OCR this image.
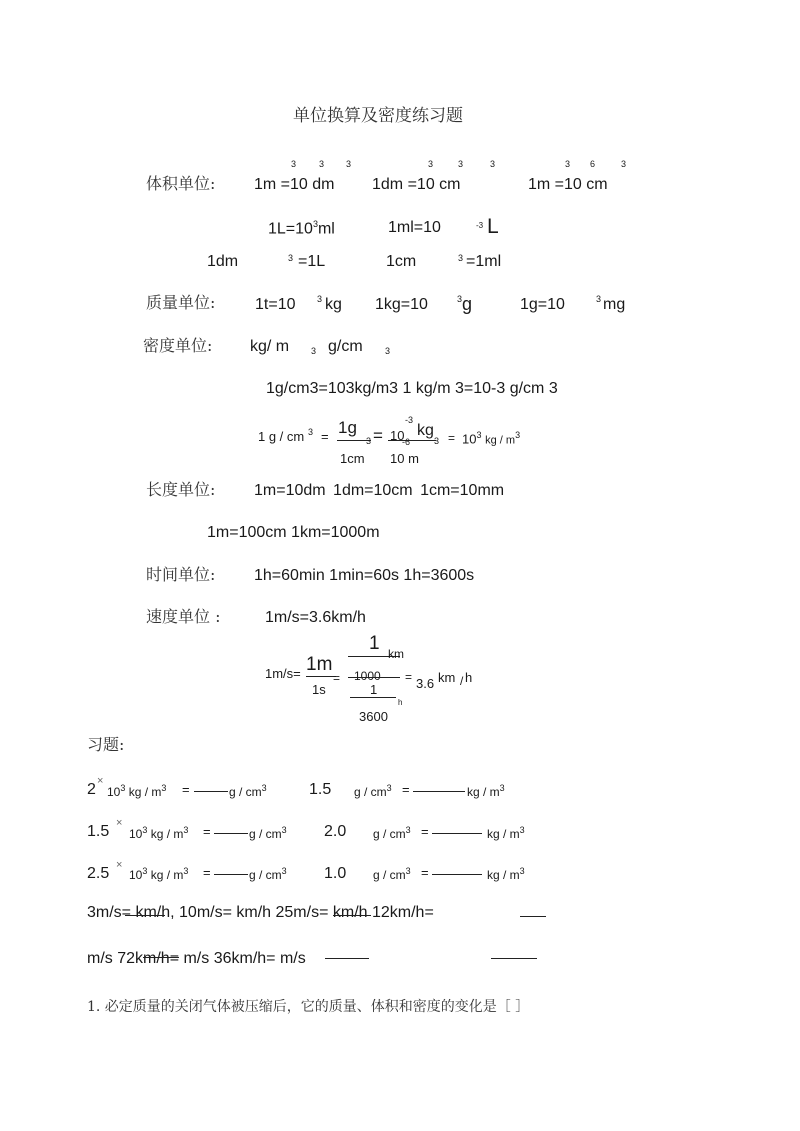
单位换算及密度练习题
体积单位:
3	3 3
1m =10 dm
3	3	3
1dm =10 cm
3 6	3
1m =10 cm
$1L=10^3ml$	1ml=10	-3 L
1dm	3 =1L	1cm	3 =1ml
质量单位: 1t=10 3 kg 1kg=10	3 g	1g=10	3 mg
密度单位: kg/ m 3 g/cm 3
1g/cm3=103kg/m3 1 kg/m 3=10-3 g/cm 3
1 g / cm 3 = 1g
1cm
3 = 10
-3
kg
-6
10 m
$3 = 10^3$ kg / $m^3$
长度单位: 1m=10dm 1dm=10cm 1cm=10mm
1m=100cm 1km=1000m
时间单位: 1h=60min 1min=60s 1h=3600s
速度单位 :	1m/s=3.6km/h
1m/s= 1m
1s
=
1 km
1000
1
3600
h
= 3.6 km / h
习题:
2 ×
$10^3$ kg / $m^3$ =	g / $cm^3$	1.5 g / $cm^3$ =	kg / $m^3$
1.5 ×
$10^3$ kg / $m^3$ =	g / $cm^3$ 2.0 g / $cm^3$ =	kg / $m^3$
2.5 ×
$10^3$ kg / $m^3$ =	g / $cm^3$ 1.0 g / $cm^3$ =	kg / $m^3$
3m/s= km/h, 10m/s= km/h 25m/s= km/h 12km/h=
m/s 72km/h= m/s 36km/h= m/s
1. 必定质量的关闭气体被压缩后，它的质量、体积和密度的变化是［ ］
